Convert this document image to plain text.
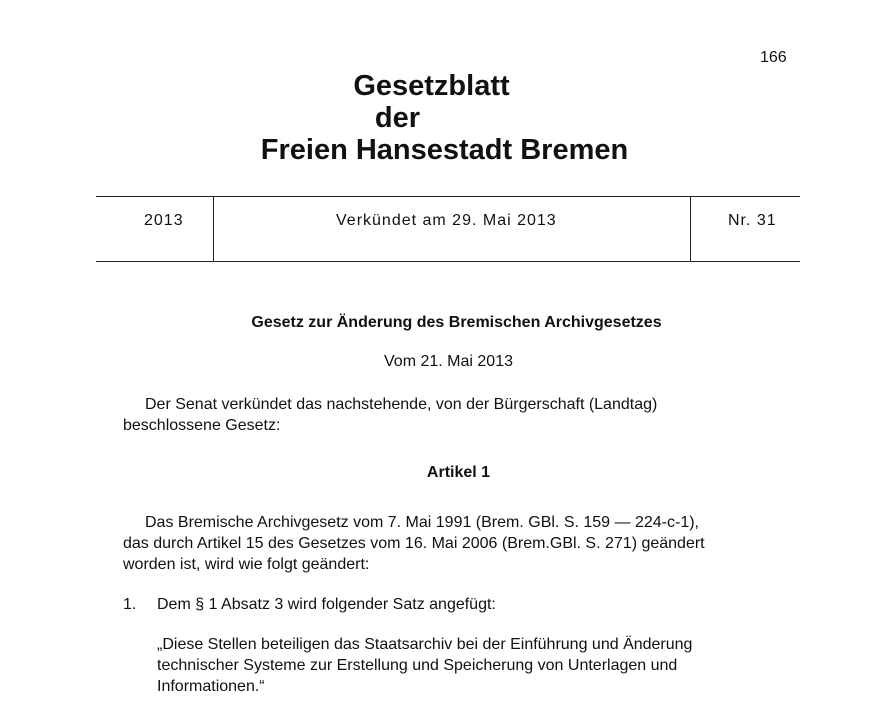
166
Gesetzblatt
der
Freien Hansestadt Bremen
2013	Verkündet am 29. Mai 2013	Nr. 31
Gesetz zur Änderung des Bremischen Archivgesetzes
Vom 21. Mai 2013
Der Senat verkündet das nachstehende, von der Bürgerschaft (Landtag)
beschlossene Gesetz:
Artikel 1
Das Bremische Archivgesetz vom 7. Mai 1991 (Brem. GBl. S. 159 — 224-c-1),
das durch Artikel 15 des Gesetzes vom 16. Mai 2006 (Brem.GBl. S. 271) geändert
worden ist, wird wie folgt geändert:
1. Dem § 1 Absatz 3 wird folgender Satz angefügt:
„Diese Stellen beteiligen das Staatsarchiv bei der Einführung und Änderung
technischer Systeme zur Erstellung und Speicherung von Unterlagen und
Informationen.“
